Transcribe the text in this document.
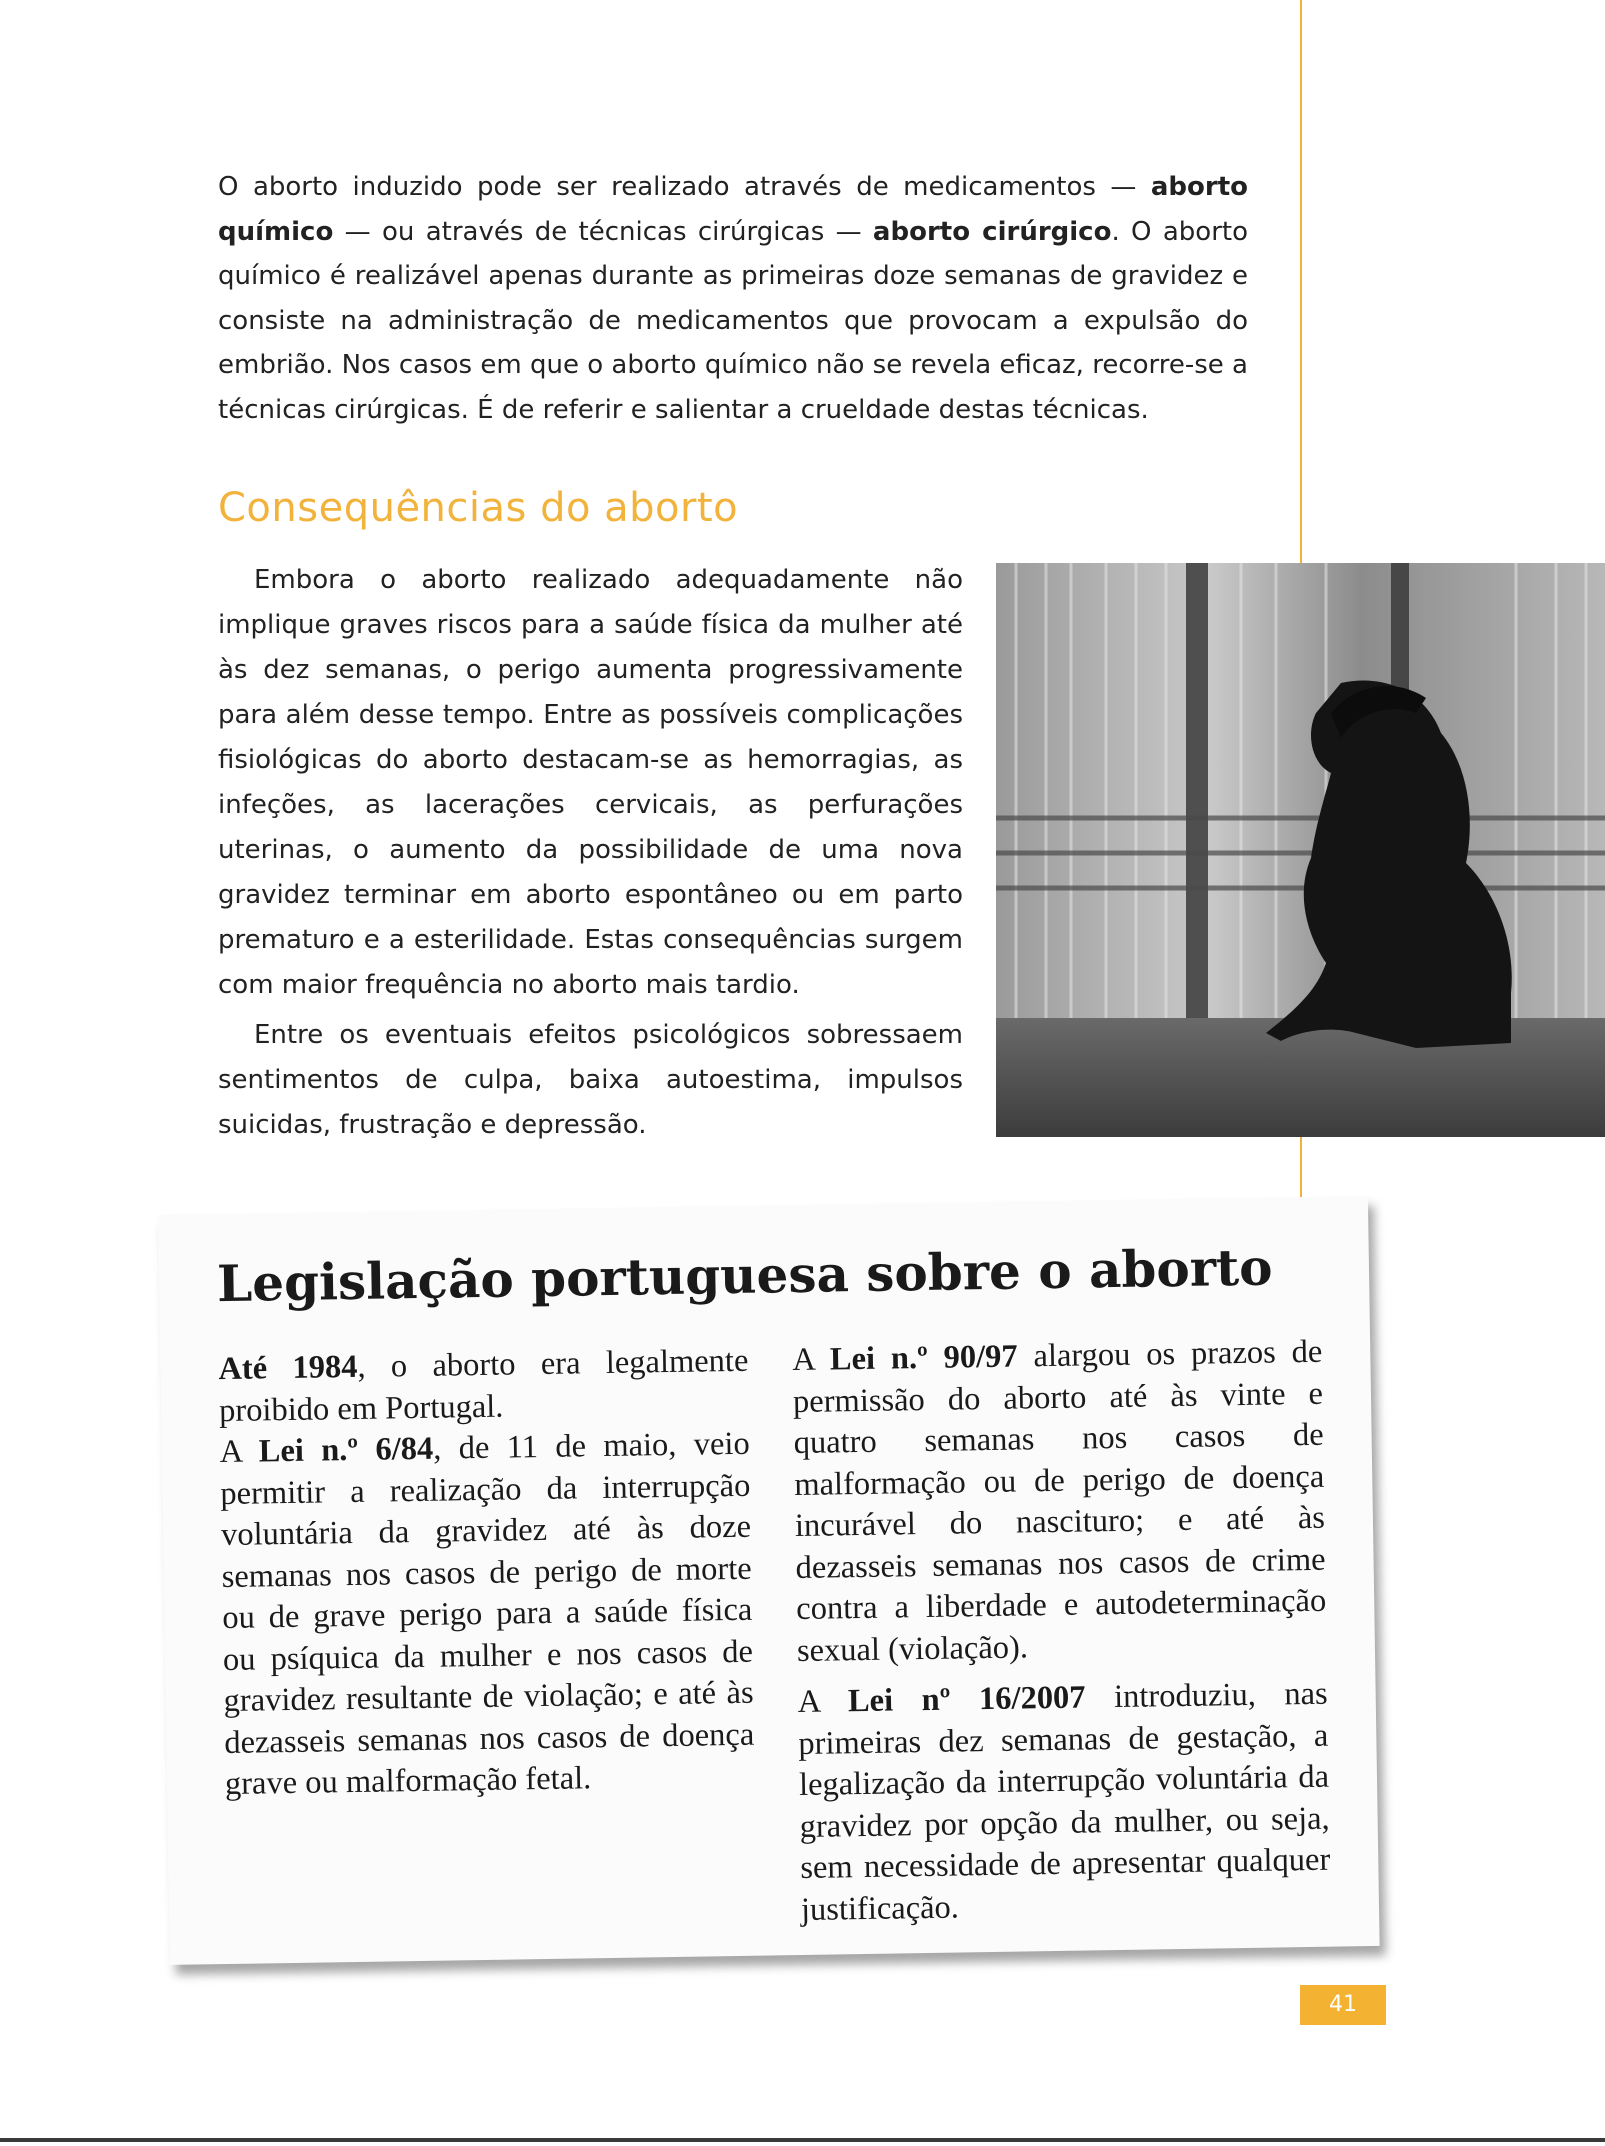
O aborto induzido pode ser realizado através de medicamentos — aborto químico — ou através de técnicas cirúrgicas — aborto cirúrgico. O aborto químico é realizável apenas durante as primeiras doze semanas de gravidez e consiste na administração de medicamentos que provocam a expulsão do embrião. Nos casos em que o aborto químico não se revela eficaz, recorre-se a técnicas cirúrgicas. É de referir e salientar a crueldade destas técnicas.

Consequências do aborto

Embora o aborto realizado adequadamente não implique graves riscos para a saúde física da mulher até às dez semanas, o perigo aumenta progressivamente para além desse tempo. Entre as possíveis complicações fisiológicas do aborto destacam-se as hemorragias, as infeções, as lacerações cervicais, as perfurações uterinas, o aumento da possibilidade de uma nova gravidez terminar em aborto espontâneo ou em parto prematuro e a esterilidade. Estas consequências surgem com maior frequência no aborto mais tardio.

Entre os eventuais efeitos psicológicos sobressaem sentimentos de culpa, baixa autoestima, impulsos suicidas, frustração e depressão.

Legislação portuguesa sobre o aborto

Até 1984, o aborto era legalmente proibido em Portugal.

A Lei n.º 6/84, de 11 de maio, veio permitir a realização da interrupção voluntária da gravidez até às doze semanas nos casos de perigo de morte ou de grave perigo para a saúde física ou psíquica da mulher e nos casos de gravidez resultante de violação; e até às dezasseis semanas nos casos de doença grave ou malformação fetal.

A Lei n.º 90/97 alargou os prazos de permissão do aborto até às vinte e quatro semanas nos casos de malformação ou de perigo de doença incurável do nascituro; e até às dezasseis semanas nos casos de crime contra a liberdade e autodeterminação sexual (violação).

A Lei nº 16/2007 introduziu, nas primeiras dez semanas de gestação, a legalização da interrupção voluntária da gravidez por opção da mulher, ou seja, sem necessidade de apresentar qualquer justificação.

41
